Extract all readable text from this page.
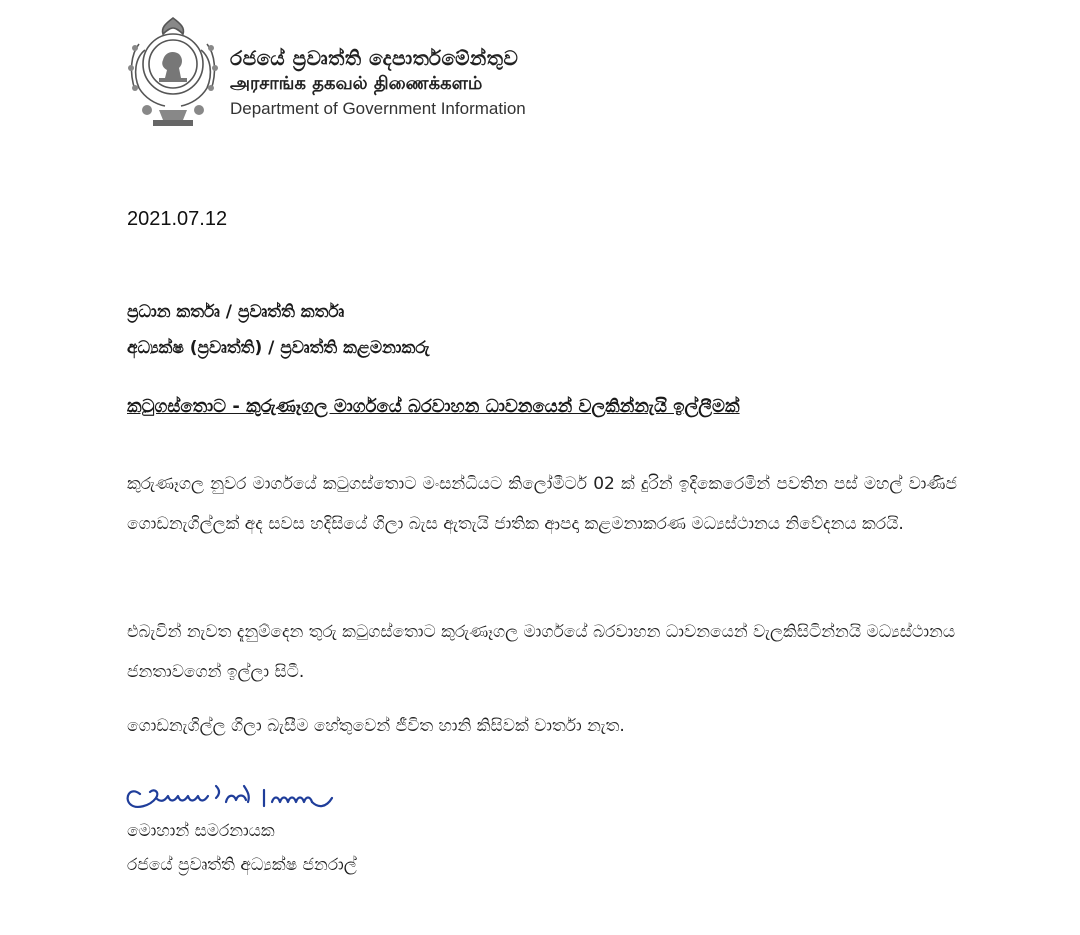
රජයේ ප්‍රවෘත්ති දෙපාර්තමේන්තුව
அரசாங்க தகவல் திணைக்களம்
Department of Government Information
2021.07.12
ප්‍රධාන කර්තෘ / ප්‍රවෘත්ති කර්තෘ
අධ්‍යක්ෂ (ප්‍රවෘත්ති) / ප්‍රවෘත්ති කළමනාකරු
කටුගස්තොට - කුරුණෑගල මාර්ගයේ බරවාහන ධාවනයෙන් වලකින්නැයි ඉල්ලීමක්
කුරුණෑගල නුවර මාර්ගයේ කටුගස්තොට මංසන්ධියට කිලෝමීටර් 02 ක් දුරින් ඉදිකෙරෙමින් පවතින පස් මහල් වාණිජ ගොඩනැගිල්ලක් අද සවස හදිසියේ ගිලා බැස ඇතැයි ජාතික ආපදා කළමනාකරණ මධ්‍යස්ථානය නිවේදනය කරයි.
එබැවින් නැවත දැනුම්දෙන තුරු කටුගස්තොට කුරුණෑගල මාර්ගයේ බරවාහන ධාවනයෙන් වැලකිසිටින්නයි මධ්‍යස්ථානය ජනතාවගෙන් ඉල්ලා සිටී.
ගොඩනැගිල්ල ගිලා බැසීම හේතුවෙන් ජීවිත හානි කිසිවක් වාර්තා නැත.
මොහාන් සමරනායක
රජයේ ප්‍රවෘත්ති අධ්‍යක්ෂ ජනරාල්
